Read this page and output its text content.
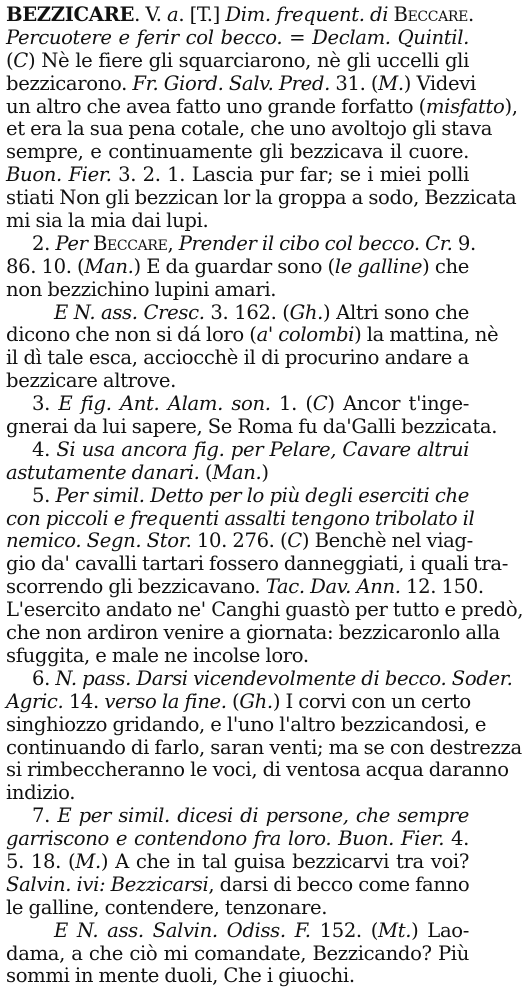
BEZZICARE. V. a. [T.] Dim. frequent. di Beccare.
Percuotere e ferir col becco. = Declam. Quintil.
(C) Nè le fiere gli squarciarono, nè gli uccelli gli
bezzicarono. Fr. Giord. Salv. Pred. 31. (M.) Videvi
un altro che avea fatto uno grande forfatto (misfatto),
et era la sua pena cotale, che uno avoltojo gli stava
sempre, e continuamente gli bezzicava il cuore.
Buon. Fier. 3. 2. 1. Lascia pur far; se i miei polli
stiati Non gli bezzican lor la groppa a sodo, Bezzicata
mi sia la mia dai lupi.
2. Per Beccare, Prender il cibo col becco. Cr. 9.
86. 10. (Man.) E da guardar sono (le galline) che
non bezzichino lupini amari.
E N. ass. Cresc. 3. 162. (Gh.) Altri sono che
dicono che non si dá loro (a' colombi) la mattina, nè
il dì tale esca, acciocchè il di procurino andare a
bezzicare altrove.
3. E fig. Ant. Alam. son. 1. (C) Ancor t'inge-
gnerai da lui sapere, Se Roma fu da'Galli bezzicata.
4. Si usa ancora fig. per Pelare, Cavare altrui
astutamente danari. (Man.)
5. Per simil. Detto per lo più degli eserciti che
con piccoli e frequenti assalti tengono tribolato il
nemico. Segn. Stor. 10. 276. (C) Benchè nel viag-
gio da' cavalli tartari fossero danneggiati, i quali tra-
scorrendo gli bezzicavano. Tac. Dav. Ann. 12. 150.
L'esercito andato ne' Canghi guastò per tutto e predò,
che non ardiron venire a giornata: bezzicaronlo alla
sfuggita, e male ne incolse loro.
6. N. pass. Darsi vicendevolmente di becco. Soder.
Agric. 14. verso la fine. (Gh.) I corvi con un certo
singhiozzo gridando, e l'uno l'altro bezzicandosi, e
continuando di farlo, saran venti; ma se con destrezza
si rimbeccheranno le voci, di ventosa acqua daranno
indizio.
7. E per simil. dicesi di persone, che sempre
garriscono e contendono fra loro. Buon. Fier. 4.
5. 18. (M.) A che in tal guisa bezzicarvi tra voi?
Salvin. ivi: Bezzicarsi, darsi di becco come fanno
le galline, contendere, tenzonare.
E N. ass. Salvin. Odiss. F. 152. (Mt.) Lao-
dama, a che ciò mi comandate, Bezzicando? Più
sommi in mente duoli, Che i giuochi.
